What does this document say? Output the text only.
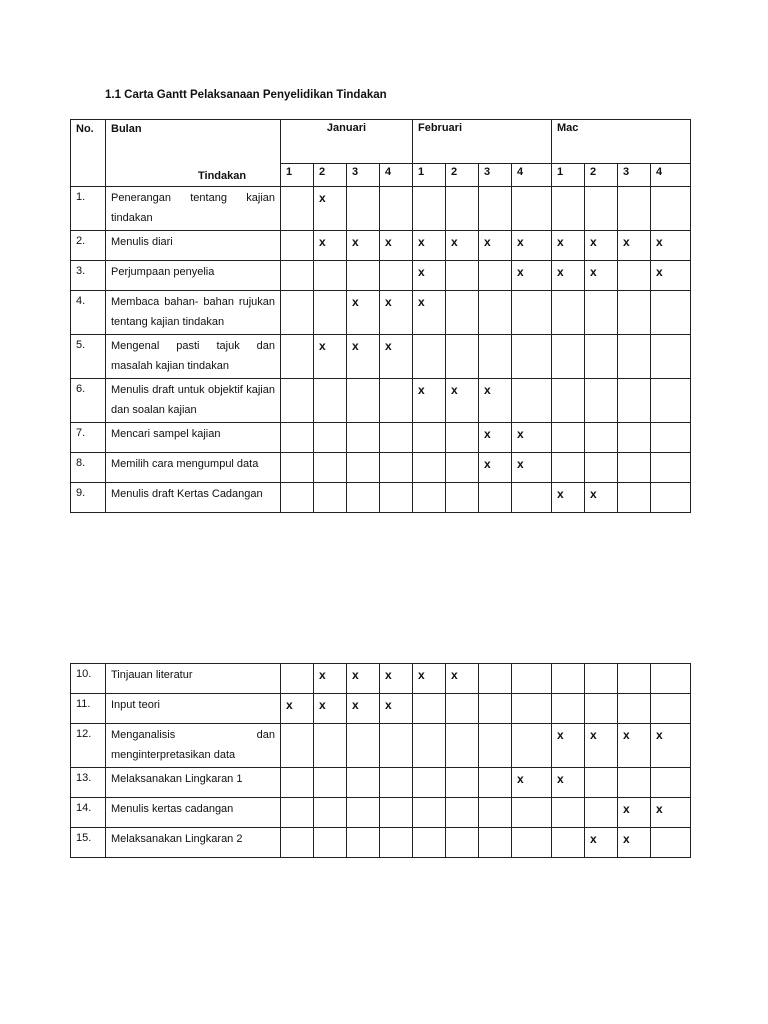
1.1 Carta Gantt Pelaksanaan Penyelidikan Tindakan
No.	Bulan
Tindakan	Januari				Februari				Mac			
		1	2	3	4	1	2	3	4	1	2	3	4
1.	Penerangan tentang kajian tindakan		x										
2.	Menulis diari		x	x	x	x	x	x	x	x	x	x	x
3.	Perjumpaan penyelia					x			x	x	x		x
4.	Membaca bahan- bahan rujukan tentang kajian tindakan			x	x	x							
5.	Mengenal pasti tajuk dan masalah kajian tindakan		x	x	x								
6.	Menulis draft untuk objektif kajian dan soalan kajian					x	x	x					
7.	Mencari sampel kajian							x	x				
8.	Memilih cara mengumpul data							x	x				
9.	Menulis draft Kertas Cadangan									x	x		
10.	Tinjauan literatur		x	x	x	x	x						
11.	Input teori	x	x	x	x								
12.	Menganalisis dan menginterpretasikan data									x	x	x	x
13.	Melaksanakan Lingkaran 1								x	x			
14.	Menulis kertas cadangan											x	x
15.	Melaksanakan Lingkaran 2										x	x	
